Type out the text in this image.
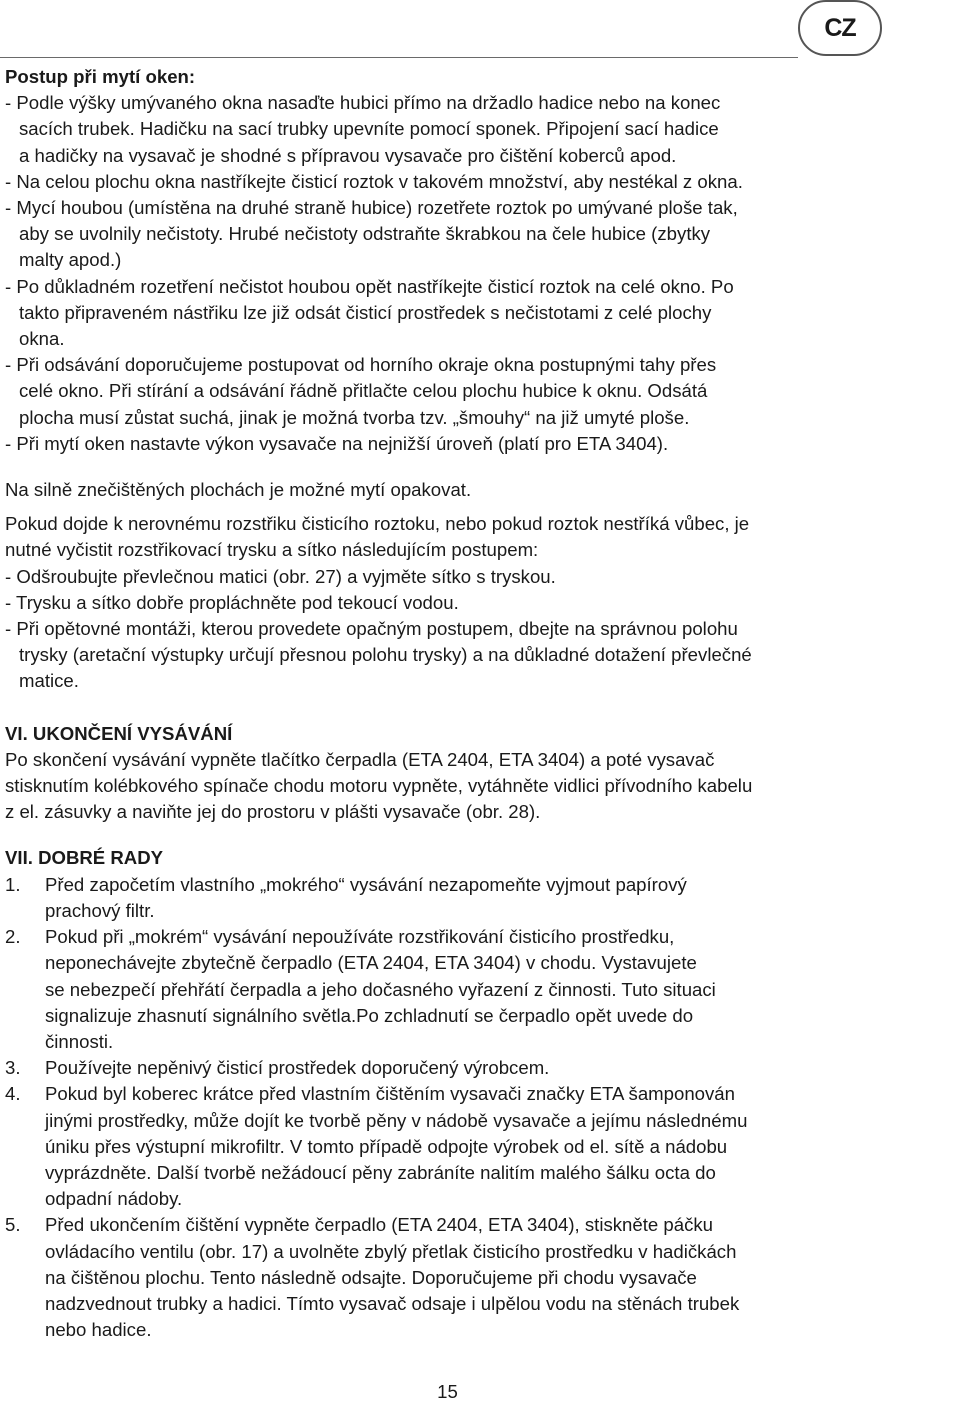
CZ
Postup při mytí oken:
- Podle výšky umývaného okna nasaďte hubici přímo na držadlo hadice nebo na konec
sacích trubek. Hadičku na sací trubky upevníte pomocí sponek. Připojení sací hadice
a hadičky na vysavač je shodné s přípravou vysavače pro čištění koberců apod.
- Na celou plochu okna nastříkejte čisticí roztok v takovém množství, aby nestékal z okna.
- Mycí houbou (umístěna na druhé straně hubice) rozetřete roztok po umývané ploše tak,
aby se uvolnily nečistoty. Hrubé nečistoty odstraňte škrabkou na čele hubice (zbytky
malty apod.)
- Po důkladném rozetření nečistot houbou opět nastříkejte čisticí roztok na celé okno. Po
takto připraveném nástřiku lze již odsát čisticí prostředek s nečistotami z celé plochy
okna.
- Při odsávání doporučujeme postupovat od horního okraje okna postupnými tahy přes
celé okno. Při stírání a odsávání řádně přitlačte celou plochu hubice k oknu. Odsátá
plocha musí zůstat suchá, jinak je možná tvorba tzv. „šmouhy“ na již umyté ploše.
- Při mytí oken nastavte výkon vysavače na nejnižší úroveň (platí pro ETA 3404).
Na silně znečištěných plochách je možné mytí opakovat.
Pokud dojde k nerovnému rozstřiku čisticího roztoku, nebo pokud roztok nestříká vůbec, je
nutné vyčistit rozstřikovací trysku a sítko následujícím postupem:
- Odšroubujte převlečnou matici (obr. 27) a vyjměte sítko s tryskou.
- Trysku a sítko dobře propláchněte pod tekoucí vodou.
- Při opětovné montáži, kterou provedete opačným postupem, dbejte na správnou polohu
trysky (aretační výstupky určují přesnou polohu trysky) a na důkladné dotažení převlečné
matice.
VI. UKONČENÍ VYSÁVÁNÍ
Po skončení vysávání vypněte tlačítko čerpadla (ETA 2404, ETA 3404) a poté vysavač
stisknutím kolébkového spínače chodu motoru vypněte, vytáhněte vidlici přívodního kabelu
z el. zásuvky a naviňte jej do prostoru v plášti vysavače (obr. 28).
VII. DOBRÉ RADY
1.	Před započetím vlastního „mokrého“ vysávání nezapomeňte vyjmout papírový
prachový filtr.
2.	Pokud při „mokrém“ vysávání nepoužíváte rozstřikování čisticího prostředku,
neponechávejte zbytečně čerpadlo (ETA 2404, ETA 3404) v chodu. Vystavujete
se nebezpečí přehřátí čerpadla a jeho dočasného vyřazení z činnosti. Tuto situaci
signalizuje zhasnutí signálního světla.Po zchladnutí se čerpadlo opět uvede do
činnosti.
3.	Používejte nepěnivý čisticí prostředek doporučený výrobcem.
4.	Pokud byl koberec krátce před vlastním čištěním vysavači značky ETA šamponován
jinými prostředky, může dojít ke tvorbě pěny v nádobě vysavače a jejímu následnému
úniku přes výstupní mikrofiltr. V tomto případě odpojte výrobek od el. sítě a nádobu
vyprázdněte. Další tvorbě nežádoucí pěny zabráníte nalitím malého šálku octa do
odpadní nádoby.
5.	Před ukončením čištění vypněte čerpadlo (ETA 2404, ETA 3404), stiskněte páčku
ovládacího ventilu (obr. 17) a uvolněte zbylý přetlak čisticího prostředku v hadičkách
na čištěnou plochu. Tento následně odsajte. Doporučujeme při chodu vysavače
nadzvednout trubky a hadici. Tímto vysavač odsaje i ulpělou vodu na stěnách trubek
nebo hadice.
15
